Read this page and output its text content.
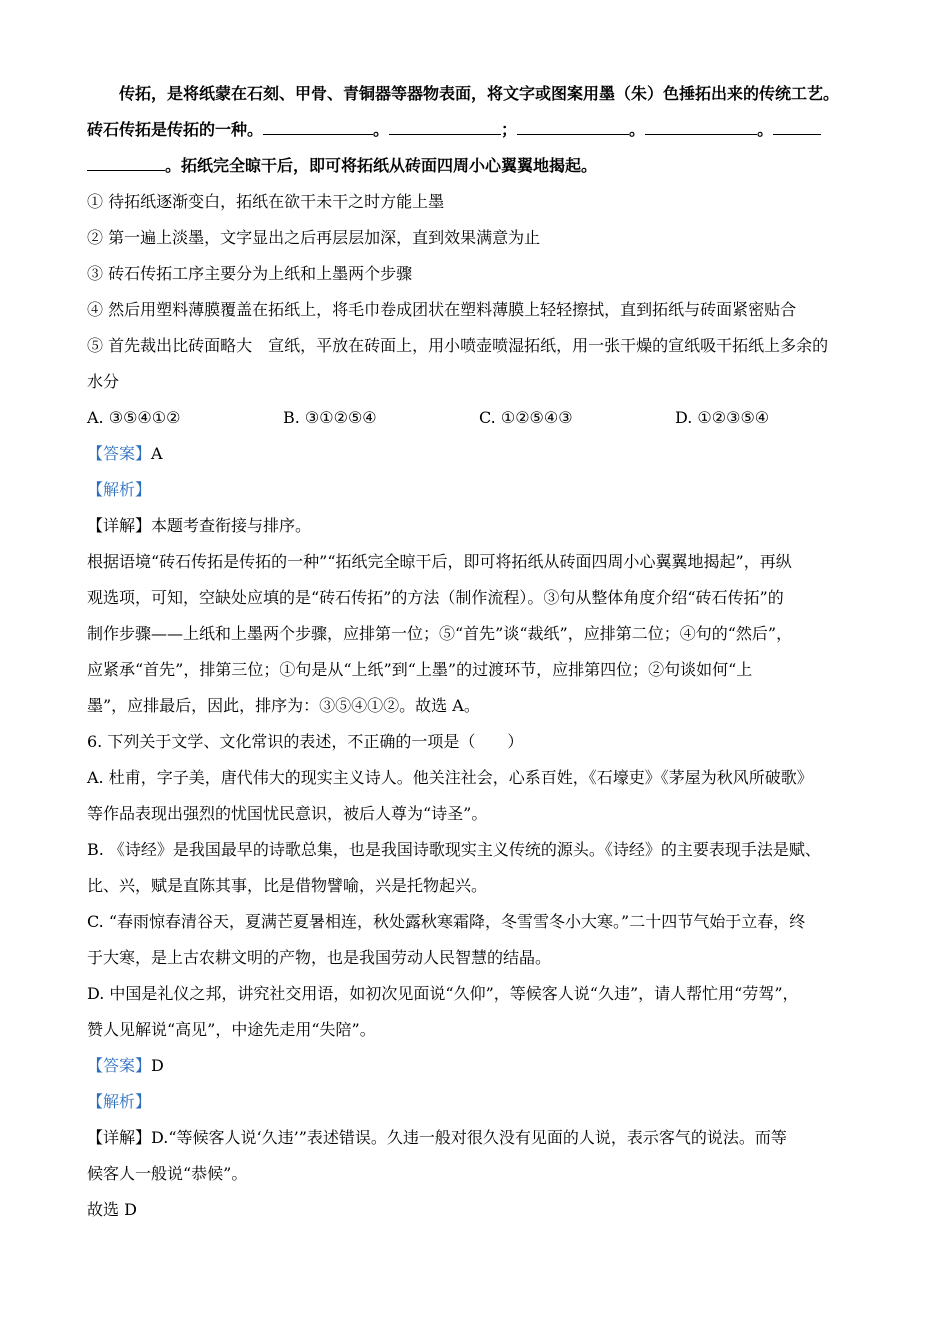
传拓，是将纸蒙在石刻、甲骨、青铜器等器物表面，将文字或图案用墨（朱）色捶拓出来的传统工艺。
砖石传拓是传拓的一种。	。	；	。	。
。拓纸完全晾干后，即可将拓纸从砖面四周小心翼翼地揭起。
① 待拓纸逐渐变白，拓纸在欲干未干之时方能上墨
② 第一遍上淡墨，文字显出之后再层层加深，直到效果满意为止
③ 砖石传拓工序主要分为上纸和上墨两个步骤
④ 然后用塑料薄膜覆盖在拓纸上，将毛巾卷成团状在塑料薄膜上轻轻擦拭，直到拓纸与砖面紧密贴合
⑤ 首先裁出比砖面略大　宣纸，平放在砖面上，用小喷壶喷湿拓纸，用一张干燥的宣纸吸干拓纸上多余的
水分
A. ③⑤④①②	B. ③①②⑤④	C. ①②⑤④③	D. ①②③⑤④
【答案】A
【解析】
【详解】本题考查衔接与排序。
根据语境“砖石传拓是传拓的一种”“拓纸完全晾干后，即可将拓纸从砖面四周小心翼翼地揭起”，再纵
观选项，可知，空缺处应填的是“砖石传拓”的方法（制作流程）。③句从整体角度介绍“砖石传拓”的
制作步骤——上纸和上墨两个步骤，应排第一位；⑤“首先”谈“裁纸”，应排第二位；④句的“然后”，
应紧承“首先”，排第三位；①句是从“上纸”到“上墨”的过渡环节，应排第四位；②句谈如何“上
墨”，应排最后，因此，排序为：③⑤④①②。故选 A。
6. 下列关于文学、文化常识的表述，不正确的一项是（　　）
A. 杜甫，字子美，唐代伟大的现实主义诗人。他关注社会，心系百姓，《石壕吏》《茅屋为秋风所破歌》
等作品表现出强烈的忧国忧民意识，被后人尊为“诗圣”。
B. 《诗经》是我国最早的诗歌总集，也是我国诗歌现实主义传统的源头。《诗经》的主要表现手法是赋、
比、兴，赋是直陈其事，比是借物譬喻，兴是托物起兴。
C. “春雨惊春清谷天，夏满芒夏暑相连，秋处露秋寒霜降，冬雪雪冬小大寒。”二十四节气始于立春，终
于大寒，是上古农耕文明的产物，也是我国劳动人民智慧的结晶。
D. 中国是礼仪之邦，讲究社交用语，如初次见面说“久仰”，等候客人说“久违”，请人帮忙用“劳驾”，
赞人见解说“高见”，中途先走用“失陪”。
【答案】D
【解析】
【详解】D.“等候客人说‘久违’”表述错误。久违一般对很久没有见面的人说，表示客气的说法。而等
候客人一般说“恭候”。
故选 D
